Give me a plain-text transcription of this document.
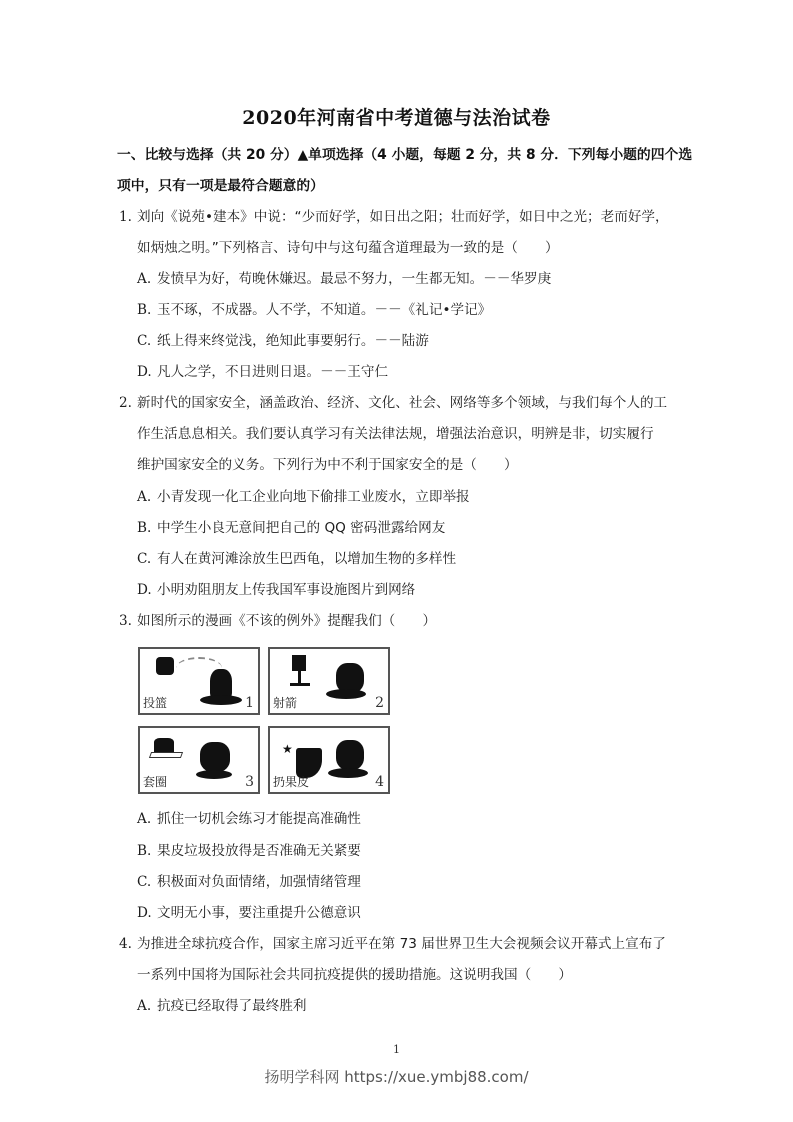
2020年河南省中考道德与法治试卷
一、比较与选择（共 20 分）▲单项选择（4 小题，每题 2 分，共 8 分．下列每小题的四个选
项中，只有一项是最符合题意的）
1. 刘向《说苑•建本》中说：“少而好学，如日出之阳；壮而好学，如日中之光；老而好学，
如炳烛之明。”下列格言、诗句中与这句蕴含道理最为一致的是（　　）
A. 发愤早为好，苟晚休嫌迟。最忌不努力，一生都无知。－－华罗庚
B. 玉不琢，不成器。人不学，不知道。－－《礼记•学记》
C. 纸上得来终觉浅，绝知此事要躬行。－－陆游
D. 凡人之学，不日进则日退。－－王守仁
2. 新时代的国家安全，涵盖政治、经济、文化、社会、网络等多个领域，与我们每个人的工
作生活息息相关。我们要认真学习有关法律法规，增强法治意识，明辨是非，切实履行
维护国家安全的义务。下列行为中不利于国家安全的是（　　）
A. 小青发现一化工企业向地下偷排工业废水，立即举报
B. 中学生小良无意间把自己的 QQ 密码泄露给网友
C. 有人在黄河滩涂放生巴西龟，以增加生物的多样性
D. 小明劝阻朋友上传我国军事设施图片到网络
3. 如图所示的漫画《不该的例外》提醒我们（　　）
投篮	1 射箭	2
套圈	3
★
扔果皮	4
A. 抓住一切机会练习才能提高准确性
B. 果皮垃圾投放得是否准确无关紧要
C. 积极面对负面情绪，加强情绪管理
D. 文明无小事，要注重提升公德意识
4. 为推进全球抗疫合作，国家主席习近平在第 73 届世界卫生大会视频会议开幕式上宣布了
一系列中国将为国际社会共同抗疫提供的援助措施。这说明我国（　　）
A. 抗疫已经取得了最终胜利
1
扬明学科网 https://xue.ymbj88.com/
